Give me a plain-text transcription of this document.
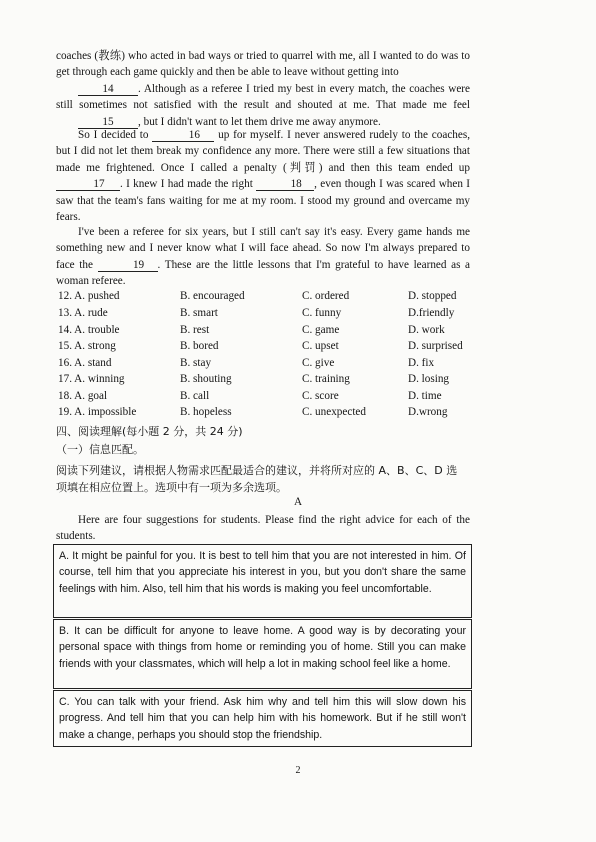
coaches (教练) who acted in bad ways or tried to quarrel with me, all I wanted to do was to get through each game quickly and then be able to leave without getting into
14 . Although as a referee I tried my best in every match, the coaches were still sometimes not satisfied with the result and shouted at me. That made me feel 15 , but I didn't want to let them drive me away anymore.

So I decided to	16 up for myself. I never answered rudely to the coaches, but I did not let them break my confidence any more. There were still a few situations that made me frightened. Once I called a penalty (判罚) and then this team ended up 17 . I knew I had made the right	18 , even though I was scared when I saw that the team's fans waiting for me at my room. I stood my ground and overcame my fears.

I've been a referee for six years, but I still can't say it's easy. Every game hands me something new and I never know what I will face ahead. So now I'm always prepared to face the	19 . These are the little lessons that I'm grateful to have learned as a woman referee.

12. A. pushed	B. encouraged	C. ordered	D. stopped
13. A. rude	B. smart	C. funny	D.friendly
14. A. trouble	B. rest	C. game	D. work
15. A. strong	B. bored	C. upset	D. surprised
16. A. stand	B. stay	C. give	D. fix
17. A. winning	B. shouting	C. training	D. losing
18. A. goal	B. call	C. score	D. time
19. A. impossible	B. hopeless	C. unexpected	D.wrong
四、阅读理解(每小题 2 分，共 24 分)
（一）信息匹配。
阅读下列建议，请根据人物需求匹配最适合的建议，并将所对应的 A、B、C、D 选
项填在相应位置上。选项中有一项为多余选项。
A

Here are four suggestions for students. Please find the right advice for each of the students.

A. It might be painful for you. It is best to tell him that you are not interested in him. Of course, tell him that you appreciate his interest in you, but you don't share the same feelings with him. Also, tell him that his words is making you feel uncomfortable.
B. It can be difficult for anyone to leave home. A good way is by decorating your personal space with things from home or reminding you of home. Still you can make friends with your classmates, which will help a lot in making school feel like a home.
C. You can talk with your friend. Ask him why and tell him this will slow down his progress. And tell him that you can help him with his homework. But if he still won't make a change, perhaps you should stop the friendship.
2
